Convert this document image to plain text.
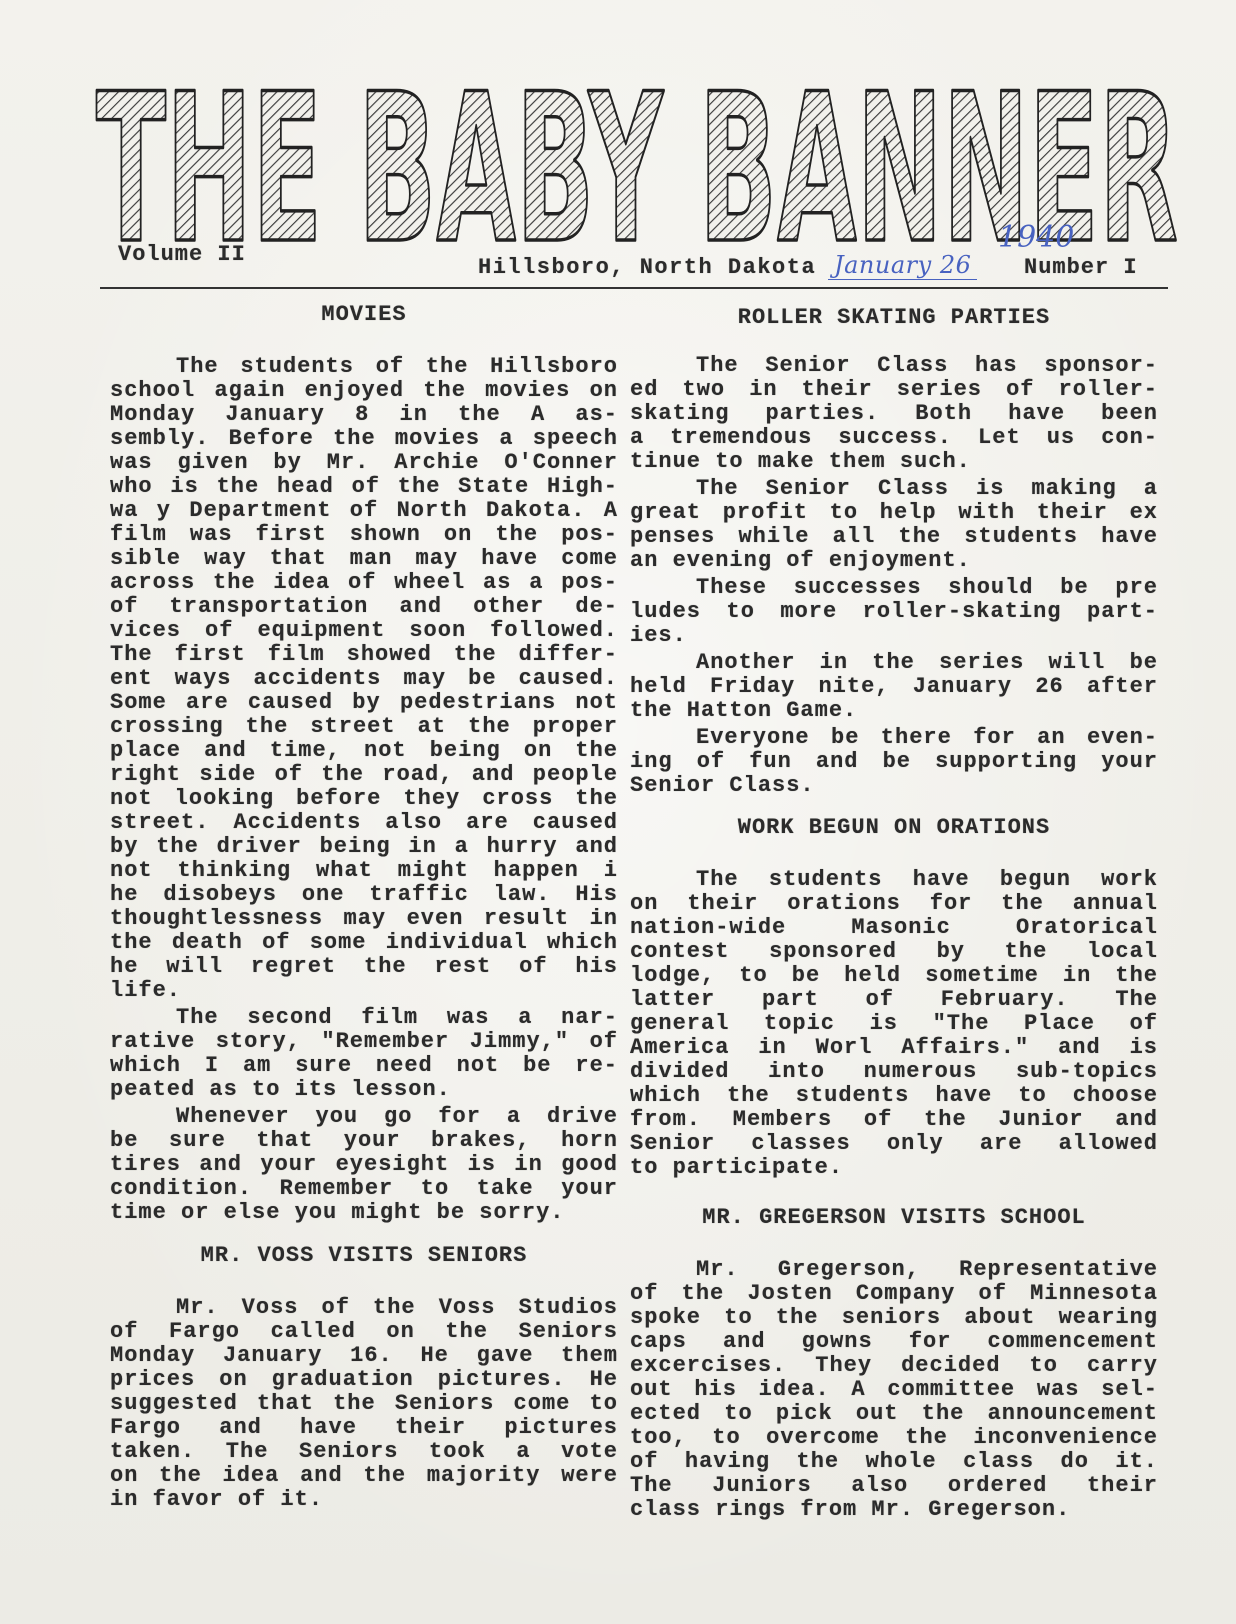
THE BABY BANNER
Volume II
Hillsboro, North Dakota January 26
1940
Number I
MOVIES
The students of the Hillsboro
school again enjoyed the movies on
Monday January 8 in the A as-
sembly. Before the movies a speech
was given by Mr. Archie O'Conner
who is the head of the State High-
wa y Department of North Dakota. A
film was first shown on the pos-
sible way that man may have come
across the idea of wheel as a pos-
of transportation and other de-
vices of equipment soon followed.
The first film showed the differ-
ent ways accidents may be caused.
Some are caused by pedestrians not
crossing the street at the proper
place and time, not being on the
right side of the road, and people
not looking before they cross the
street. Accidents also are caused
by the driver being in a hurry and
not thinking what might happen i
he disobeys one traffic law. His
thoughtlessness may even result in
the death of some individual which
he will regret the rest of his
life.
The second film was a nar-
rative story, "Remember Jimmy," of
which I am sure need not be re-
peated as to its lesson.
Whenever you go for a drive
be sure that your brakes, horn
tires and your eyesight is in good
condition. Remember to take your
time or else you might be sorry.
MR. VOSS VISITS SENIORS
Mr. Voss of the Voss Studios
of Fargo called on the Seniors
Monday January 16. He gave them
prices on graduation pictures. He
suggested that the Seniors come to
Fargo and have their pictures
taken. The Seniors took a vote
on the idea and the majority were
in favor of it.
ROLLER SKATING PARTIES
The Senior Class has sponsor-
ed two in their series of roller-
skating parties. Both have been
a tremendous success. Let us con-
tinue to make them such.
The Senior Class is making a
great profit to help with their ex
penses while all the students have
an evening of enjoyment.
These successes should be pre
ludes to more roller-skating part-
ies.
Another in the series will be
held Friday nite, January 26 after
the Hatton Game.
Everyone be there for an even-
ing of fun and be supporting your
Senior Class.
WORK BEGUN ON ORATIONS
The students have begun work
on their orations for the annual
nation-wide Masonic Oratorical
contest sponsored by the local
lodge, to be held sometime in the
latter part of February. The
general topic is "The Place of
America in Worl Affairs." and is
divided into numerous sub-topics
which the students have to choose
from. Members of the Junior and
Senior classes only are allowed
to participate.
MR. GREGERSON VISITS SCHOOL
Mr. Gregerson, Representative
of the Josten Company of Minnesota
spoke to the seniors about wearing
caps and gowns for commencement
excercises. They decided to carry
out his idea. A committee was sel-
ected to pick out the announcement
too, to overcome the inconvenience
of having the whole class do it.
The Juniors also ordered their
class rings from Mr. Gregerson.
